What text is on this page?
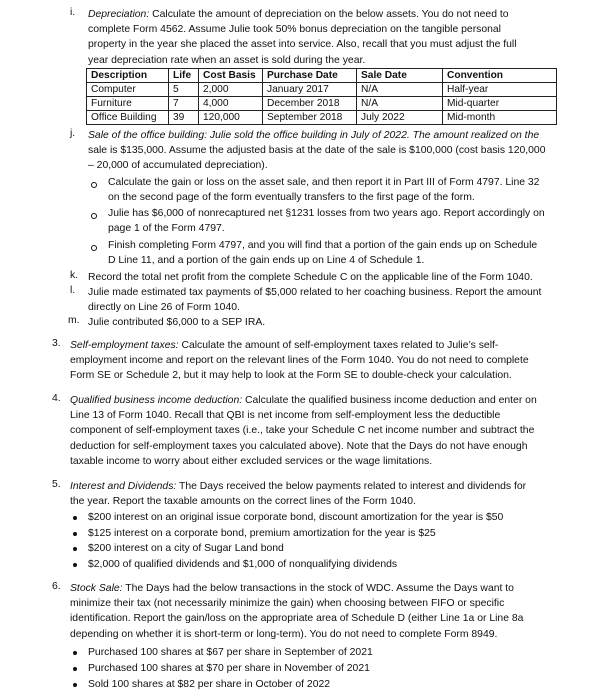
i. Depreciation: Calculate the amount of depreciation on the below assets. You do not need to

complete Form 4562. Assume Julie took 50% bonus depreciation on the tangible personal

property in the year she placed the asset into service. Also, recall that you must adjust the full

year depreciation rate when an asset is sold during the year.

Description	Life	Cost Basis	Purchase Date	Sale Date	Convention
Computer	5	2,000	January 2017	N/A	Half-year
Furniture	7	4,000	December 2018	N/A	Mid-quarter
Office Building	39	120,000	September 2018	July 2022	Mid-month
j. Sale of the office building: Julie sold the office building in July of 2022. The amount realized on the

sale is $135,000. Assume the adjusted basis at the date of the sale is $100,000 (cost basis 120,000

– 20,000 of accumulated depreciation).

Calculate the gain or loss on the asset sale, and then report it in Part III of Form 4797. Line 32

on the second page of the form eventually transfers to the first page of the form.

Julie has $6,000 of nonrecaptured net §1231 losses from two years ago. Report accordingly on

page 1 of the Form 4797.

Finish completing Form 4797, and you will find that a portion of the gain ends up on Schedule

D Line 11, and a portion of the gain ends up on Line 4 of Schedule 1.

k. Record the total net profit from the complete Schedule C on the applicable line of the Form 1040.

l. Julie made estimated tax payments of $5,000 related to her coaching business. Report the amount

directly on Line 26 of Form 1040.

m. Julie contributed $6,000 to a SEP IRA.

3. Self-employment taxes: Calculate the amount of self-employment taxes related to Julie’s self-

employment income and report on the relevant lines of the Form 1040. You do not need to complete

Form SE or Schedule 2, but it may help to look at the Form SE to double-check your calculation.

4. Qualified business income deduction: Calculate the qualified business income deduction and enter on

Line 13 of Form 1040. Recall that QBI is net income from self-employment less the deductible

component of self-employment taxes (i.e., take your Schedule C net income number and subtract the

deduction for self-employment taxes you calculated above). Note that the Days do not have enough

taxable income to worry about either excluded services or the wage limitations.

5. Interest and Dividends: The Days received the below payments related to interest and dividends for

the year. Report the taxable amounts on the correct lines of the Form 1040.

$200 interest on an original issue corporate bond, discount amortization for the year is $50

$125 interest on a corporate bond, premium amortization for the year is $25

$200 interest on a city of Sugar Land bond

$2,000 of qualified dividends and $1,000 of nonqualifying dividends

6. Stock Sale: The Days had the below transactions in the stock of WDC. Assume the Days want to

minimize their tax (not necessarily minimize the gain) when choosing between FIFO or specific

identification. Report the gain/loss on the appropriate area of Schedule D (either Line 1a or Line 8a

depending on whether it is short-term or long-term). You do not need to complete Form 8949.

Purchased 100 shares at $67 per share in September of 2021

Purchased 100 shares at $70 per share in November of 2021

Sold 100 shares at $82 per share in October of 2022
